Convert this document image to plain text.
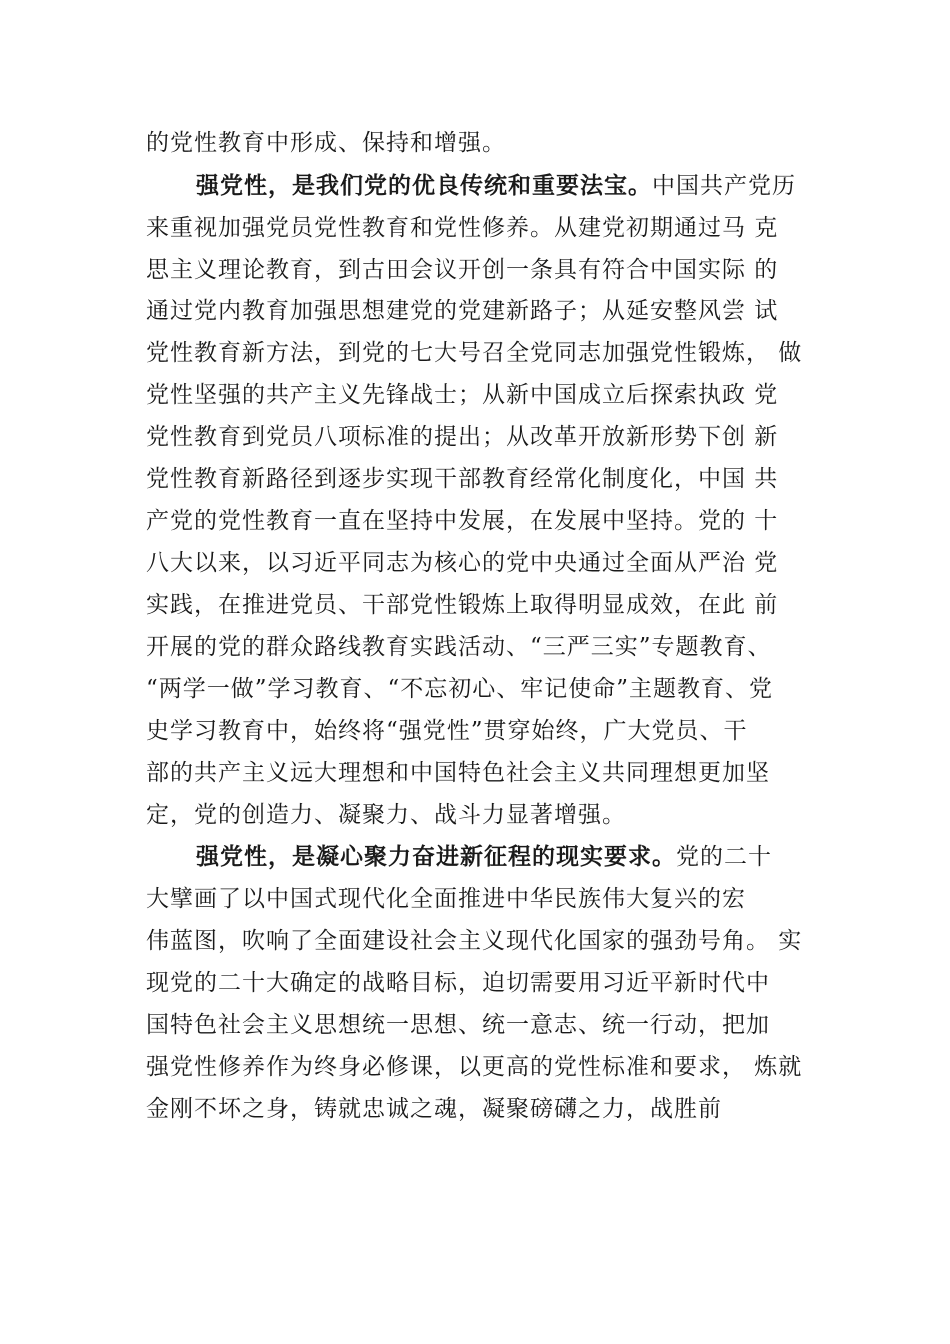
的党性教育中形成、保持和增强。
强党性，是我们党的优良传统和重要法宝。中国共产党历
来重视加强党员党性教育和党性修养。从建党初期通过马 克
思主义理论教育，到古田会议开创一条具有符合中国实际 的
通过党内教育加强思想建党的党建新路子；从延安整风尝 试
党性教育新方法，到党的七大号召全党同志加强党性锻炼， 做
党性坚强的共产主义先锋战士；从新中国成立后探索执政 党
党性教育到党员八项标准的提出；从改革开放新形势下创 新
党性教育新路径到逐步实现干部教育经常化制度化，中国 共
产党的党性教育一直在坚持中发展，在发展中坚持。党的 十
八大以来，以习近平同志为核心的党中央通过全面从严治 党
实践，在推进党员、干部党性锻炼上取得明显成效，在此 前
开展的党的群众路线教育实践活动、“三严三实”专题教育、
“两学一做”学习教育、“不忘初心、牢记使命”主题教育、党
史学习教育中，始终将“强党性”贯穿始终，广大党员、干
部的共产主义远大理想和中国特色社会主义共同理想更加坚
定，党的创造力、凝聚力、战斗力显著增强。
强党性，是凝心聚力奋进新征程的现实要求。党的二十
大擘画了以中国式现代化全面推进中华民族伟大复兴的宏
伟蓝图，吹响了全面建设社会主义现代化国家的强劲号角。 实
现党的二十大确定的战略目标，迫切需要用习近平新时代中
国特色社会主义思想统一思想、统一意志、统一行动，把加
强党性修养作为终身必修课，以更高的党性标准和要求， 炼就
金刚不坏之身，铸就忠诚之魂，凝聚磅礴之力，战胜前
